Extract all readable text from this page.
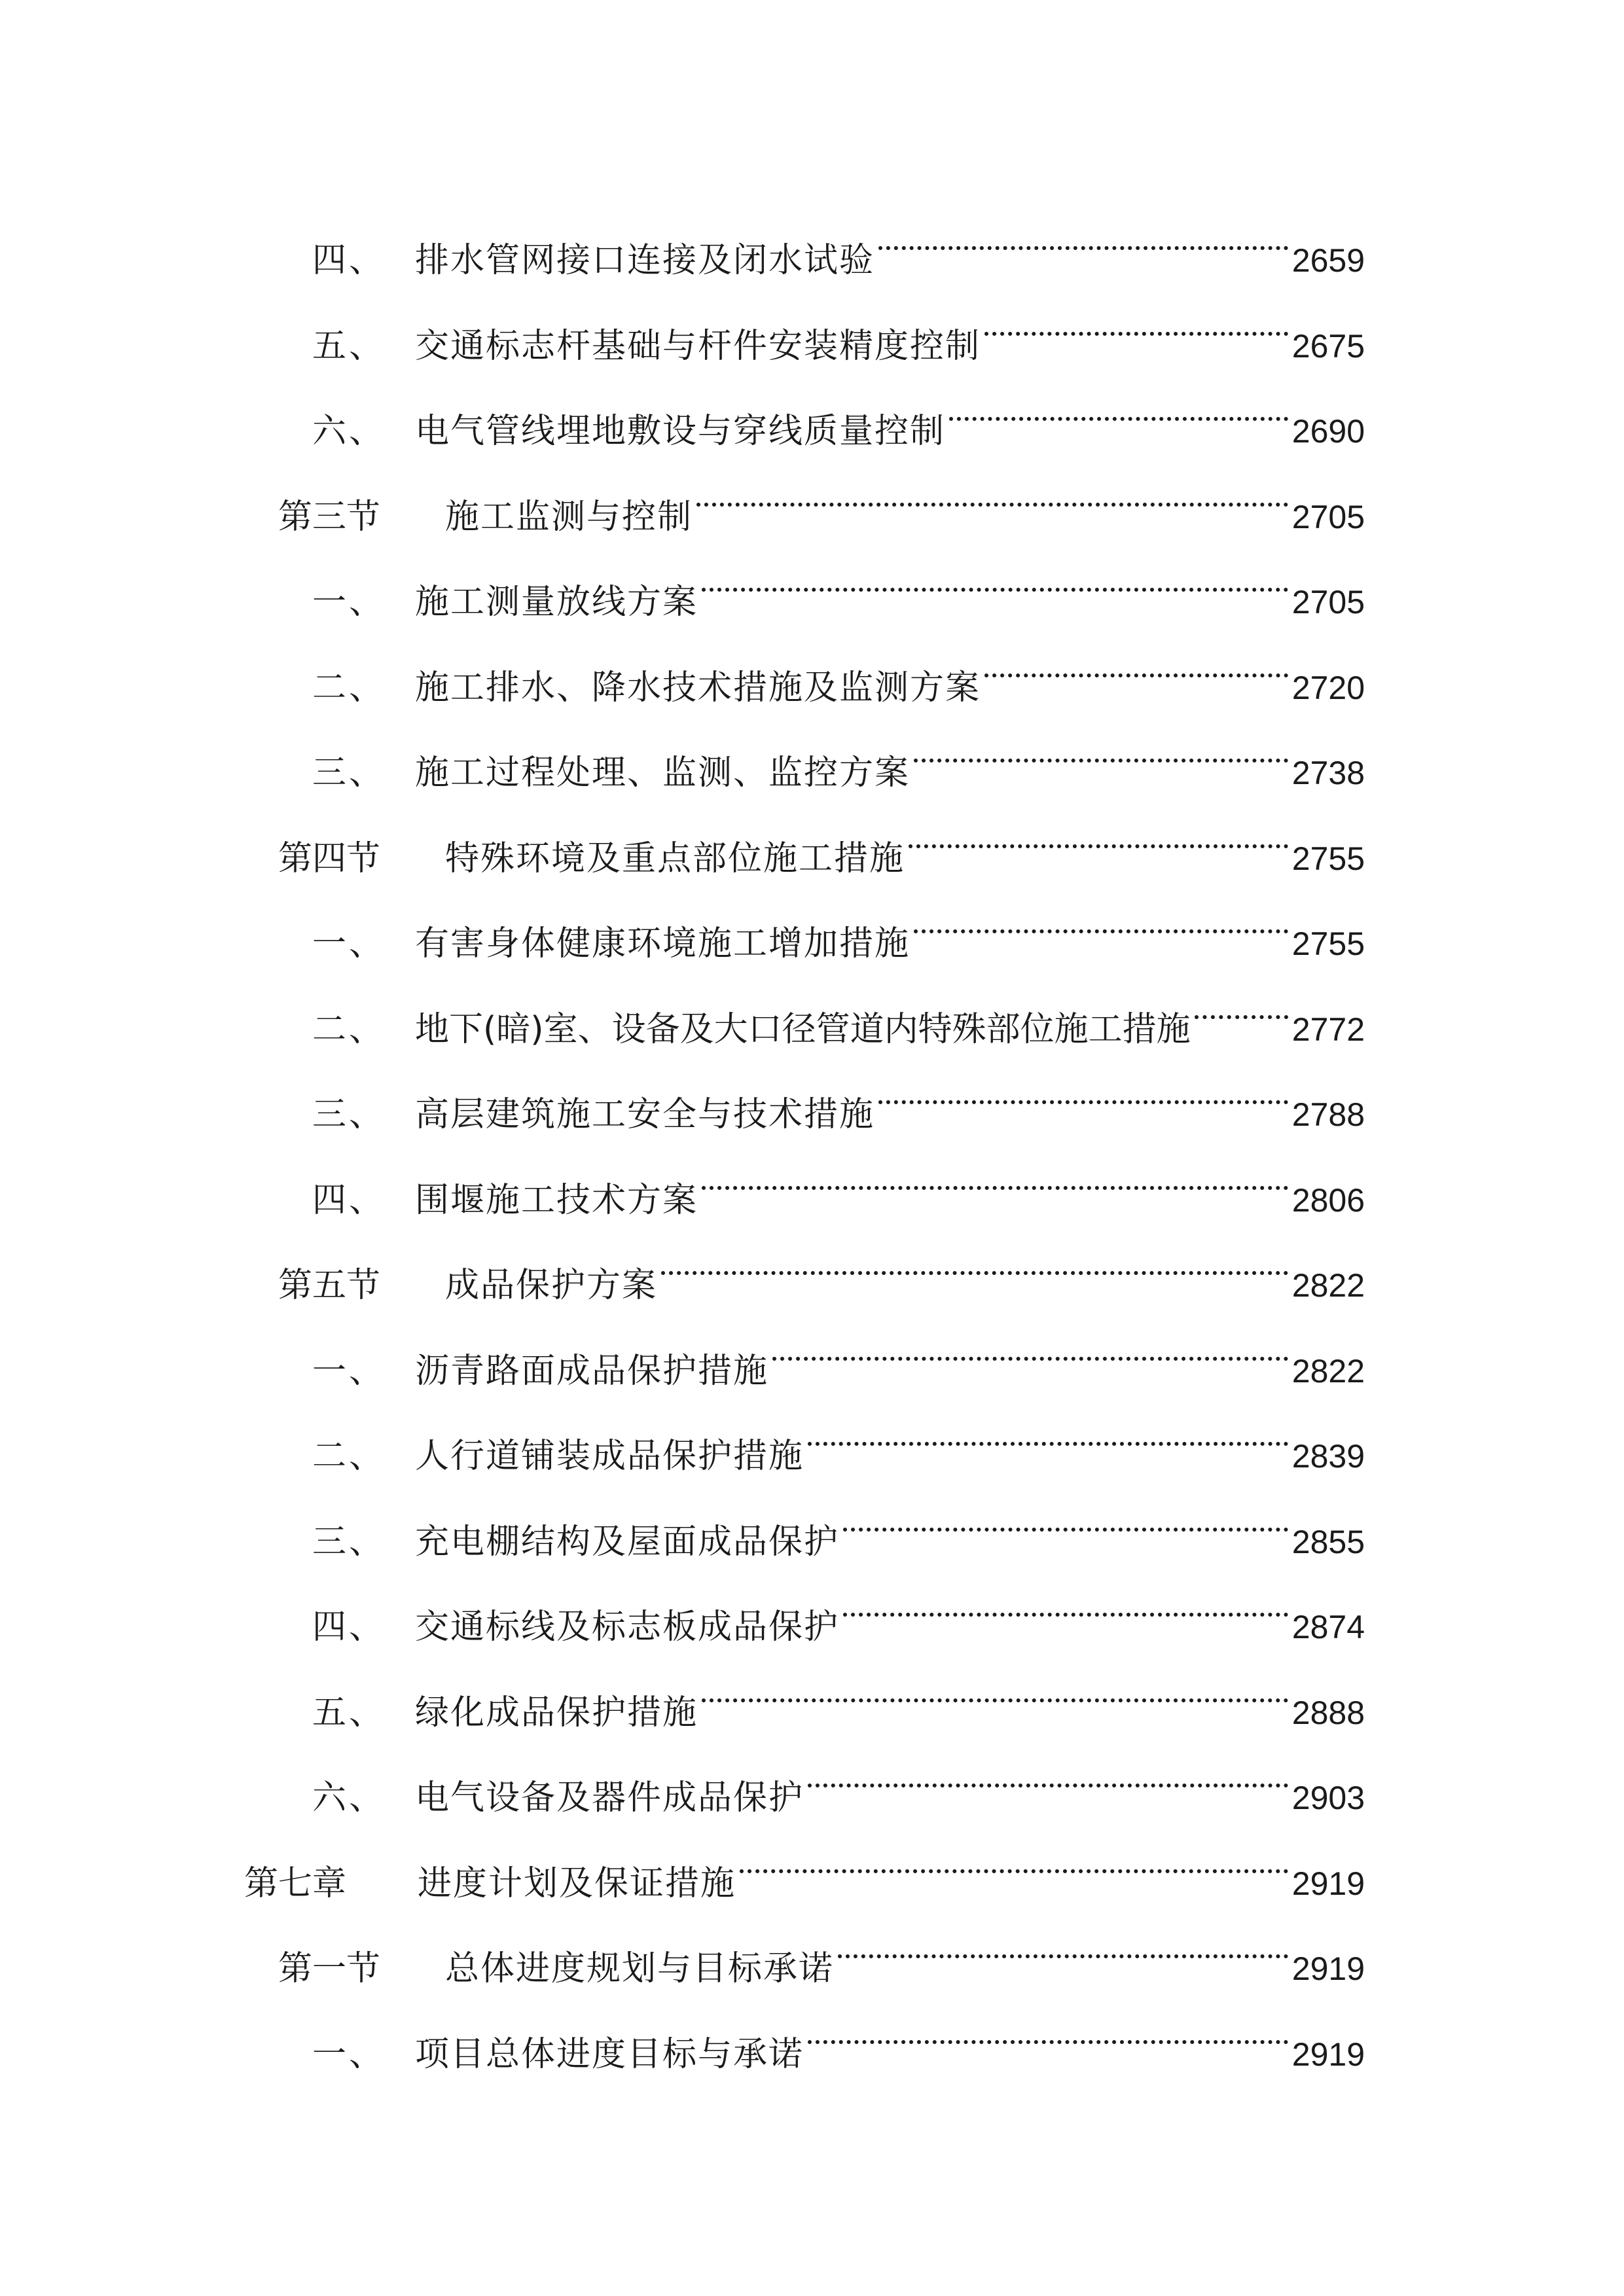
四、 排水管网接口连接及闭水试验	2659
五、 交通标志杆基础与杆件安装精度控制	2675
六、 电气管线埋地敷设与穿线质量控制	2690
第三节	施工监测与控制	2705
一、 施工测量放线方案	2705
二、 施工排水、降水技术措施及监测方案	2720
三、 施工过程处理、监测、监控方案	2738
第四节	特殊环境及重点部位施工措施	2755
一、 有害身体健康环境施工增加措施	2755
二、 地下(暗)室、设备及大口径管道内特殊部位施工措施	2772
三、 高层建筑施工安全与技术措施	2788
四、 围堰施工技术方案	2806
第五节	成品保护方案	2822
一、 沥青路面成品保护措施	2822
二、 人行道铺装成品保护措施	2839
三、 充电棚结构及屋面成品保护	2855
四、 交通标线及标志板成品保护	2874
五、 绿化成品保护措施	2888
六、 电气设备及器件成品保护	2903
第七章	进度计划及保证措施	2919
第一节	总体进度规划与目标承诺	2919
一、 项目总体进度目标与承诺	2919
